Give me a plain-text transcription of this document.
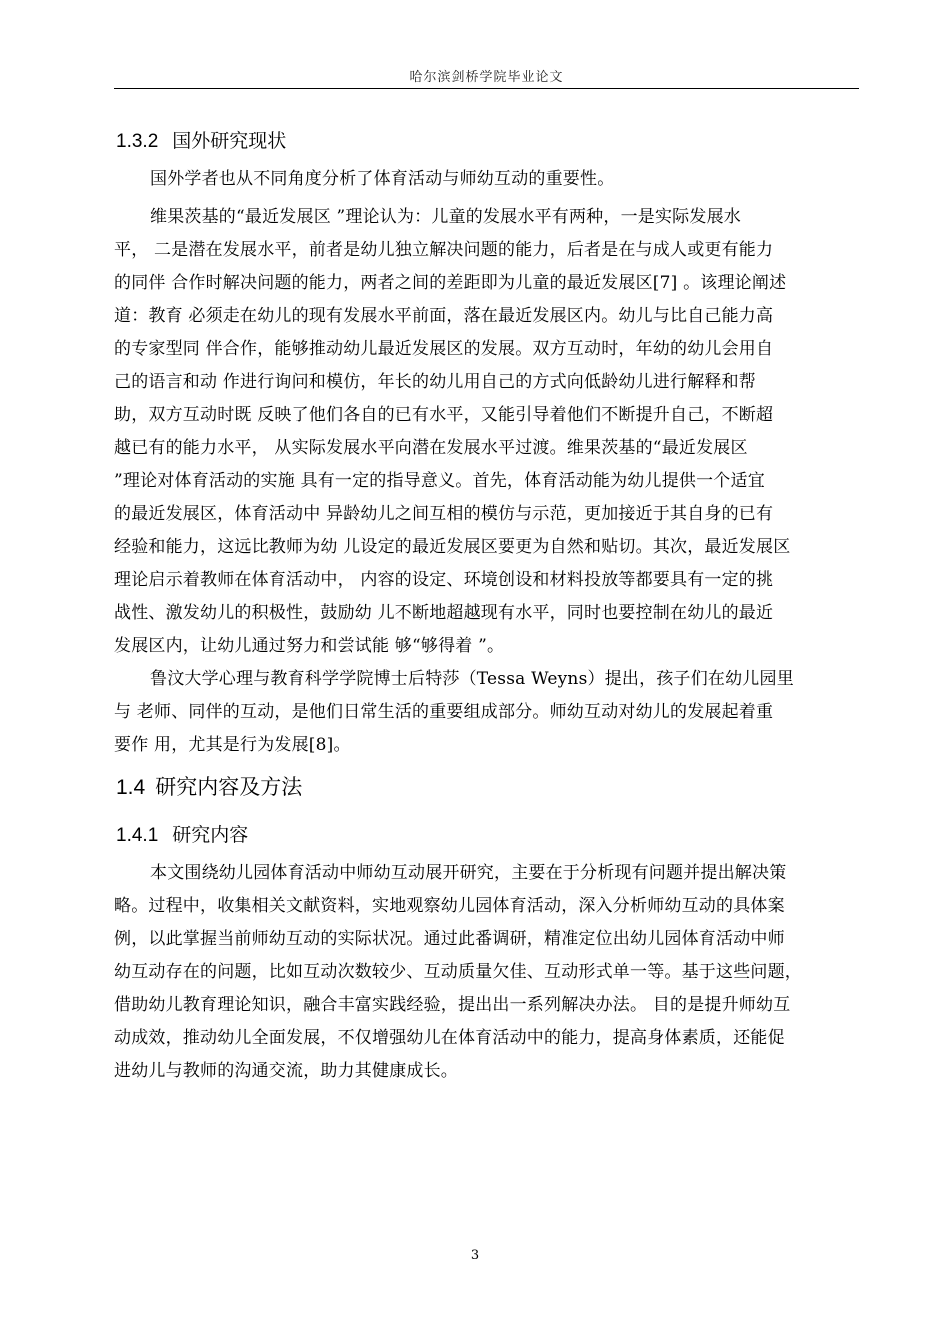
哈尔滨剑桥学院毕业论文
1.3.2 国外研究现状
国外学者也从不同角度分析了体育活动与师幼互动的重要性。
维果茨基的“最近发展区 ”理论认为：儿童的发展水平有两种，一是实际发展水
平， 二是潜在发展水平，前者是幼儿独立解决问题的能力，后者是在与成人或更有能力
的同伴 合作时解决问题的能力，两者之间的差距即为儿童的最近发展区[7] 。该理论阐述
道：教育 必须走在幼儿的现有发展水平前面，落在最近发展区内。幼儿与比自己能力高
的专家型同 伴合作，能够推动幼儿最近发展区的发展。双方互动时，年幼的幼儿会用自
己的语言和动 作进行询问和模仿，年长的幼儿用自己的方式向低龄幼儿进行解释和帮
助，双方互动时既 反映了他们各自的已有水平，又能引导着他们不断提升自己，不断超
越已有的能力水平， 从实际发展水平向潜在发展水平过渡。维果茨基的“最近发展区
”理论对体育活动的实施 具有一定的指导意义。首先，体育活动能为幼儿提供一个适宜
的最近发展区，体育活动中 异龄幼儿之间互相的模仿与示范，更加接近于其自身的已有
经验和能力，这远比教师为幼 儿设定的最近发展区要更为自然和贴切。其次，最近发展区
理论启示着教师在体育活动中， 内容的设定、环境创设和材料投放等都要具有一定的挑
战性、激发幼儿的积极性，鼓励幼 儿不断地超越现有水平，同时也要控制在幼儿的最近
发展区内，让幼儿通过努力和尝试能 够“够得着 ”。
鲁汶大学心理与教育科学学院博士后特莎（Tessa Weyns）提出，孩子们在幼儿园里
与 老师、同伴的互动，是他们日常生活的重要组成部分。师幼互动对幼儿的发展起着重
要作 用，尤其是行为发展[8]。
1.4 研究内容及方法
1.4.1 研究内容
本文围绕幼儿园体育活动中师幼互动展开研究，主要在于分析现有问题并提出解决策
略。过程中，收集相关文献资料，实地观察幼儿园体育活动，深入分析师幼互动的具体案
例，以此掌握当前师幼互动的实际状况。通过此番调研，精准定位出幼儿园体育活动中师
幼互动存在的问题，比如互动次数较少、互动质量欠佳、互动形式单一等。基于这些问题，
借助幼儿教育理论知识，融合丰富实践经验，提出出一系列解决办法。 目的是提升师幼互
动成效，推动幼儿全面发展，不仅增强幼儿在体育活动中的能力，提高身体素质，还能促
进幼儿与教师的沟通交流，助力其健康成长。
3
